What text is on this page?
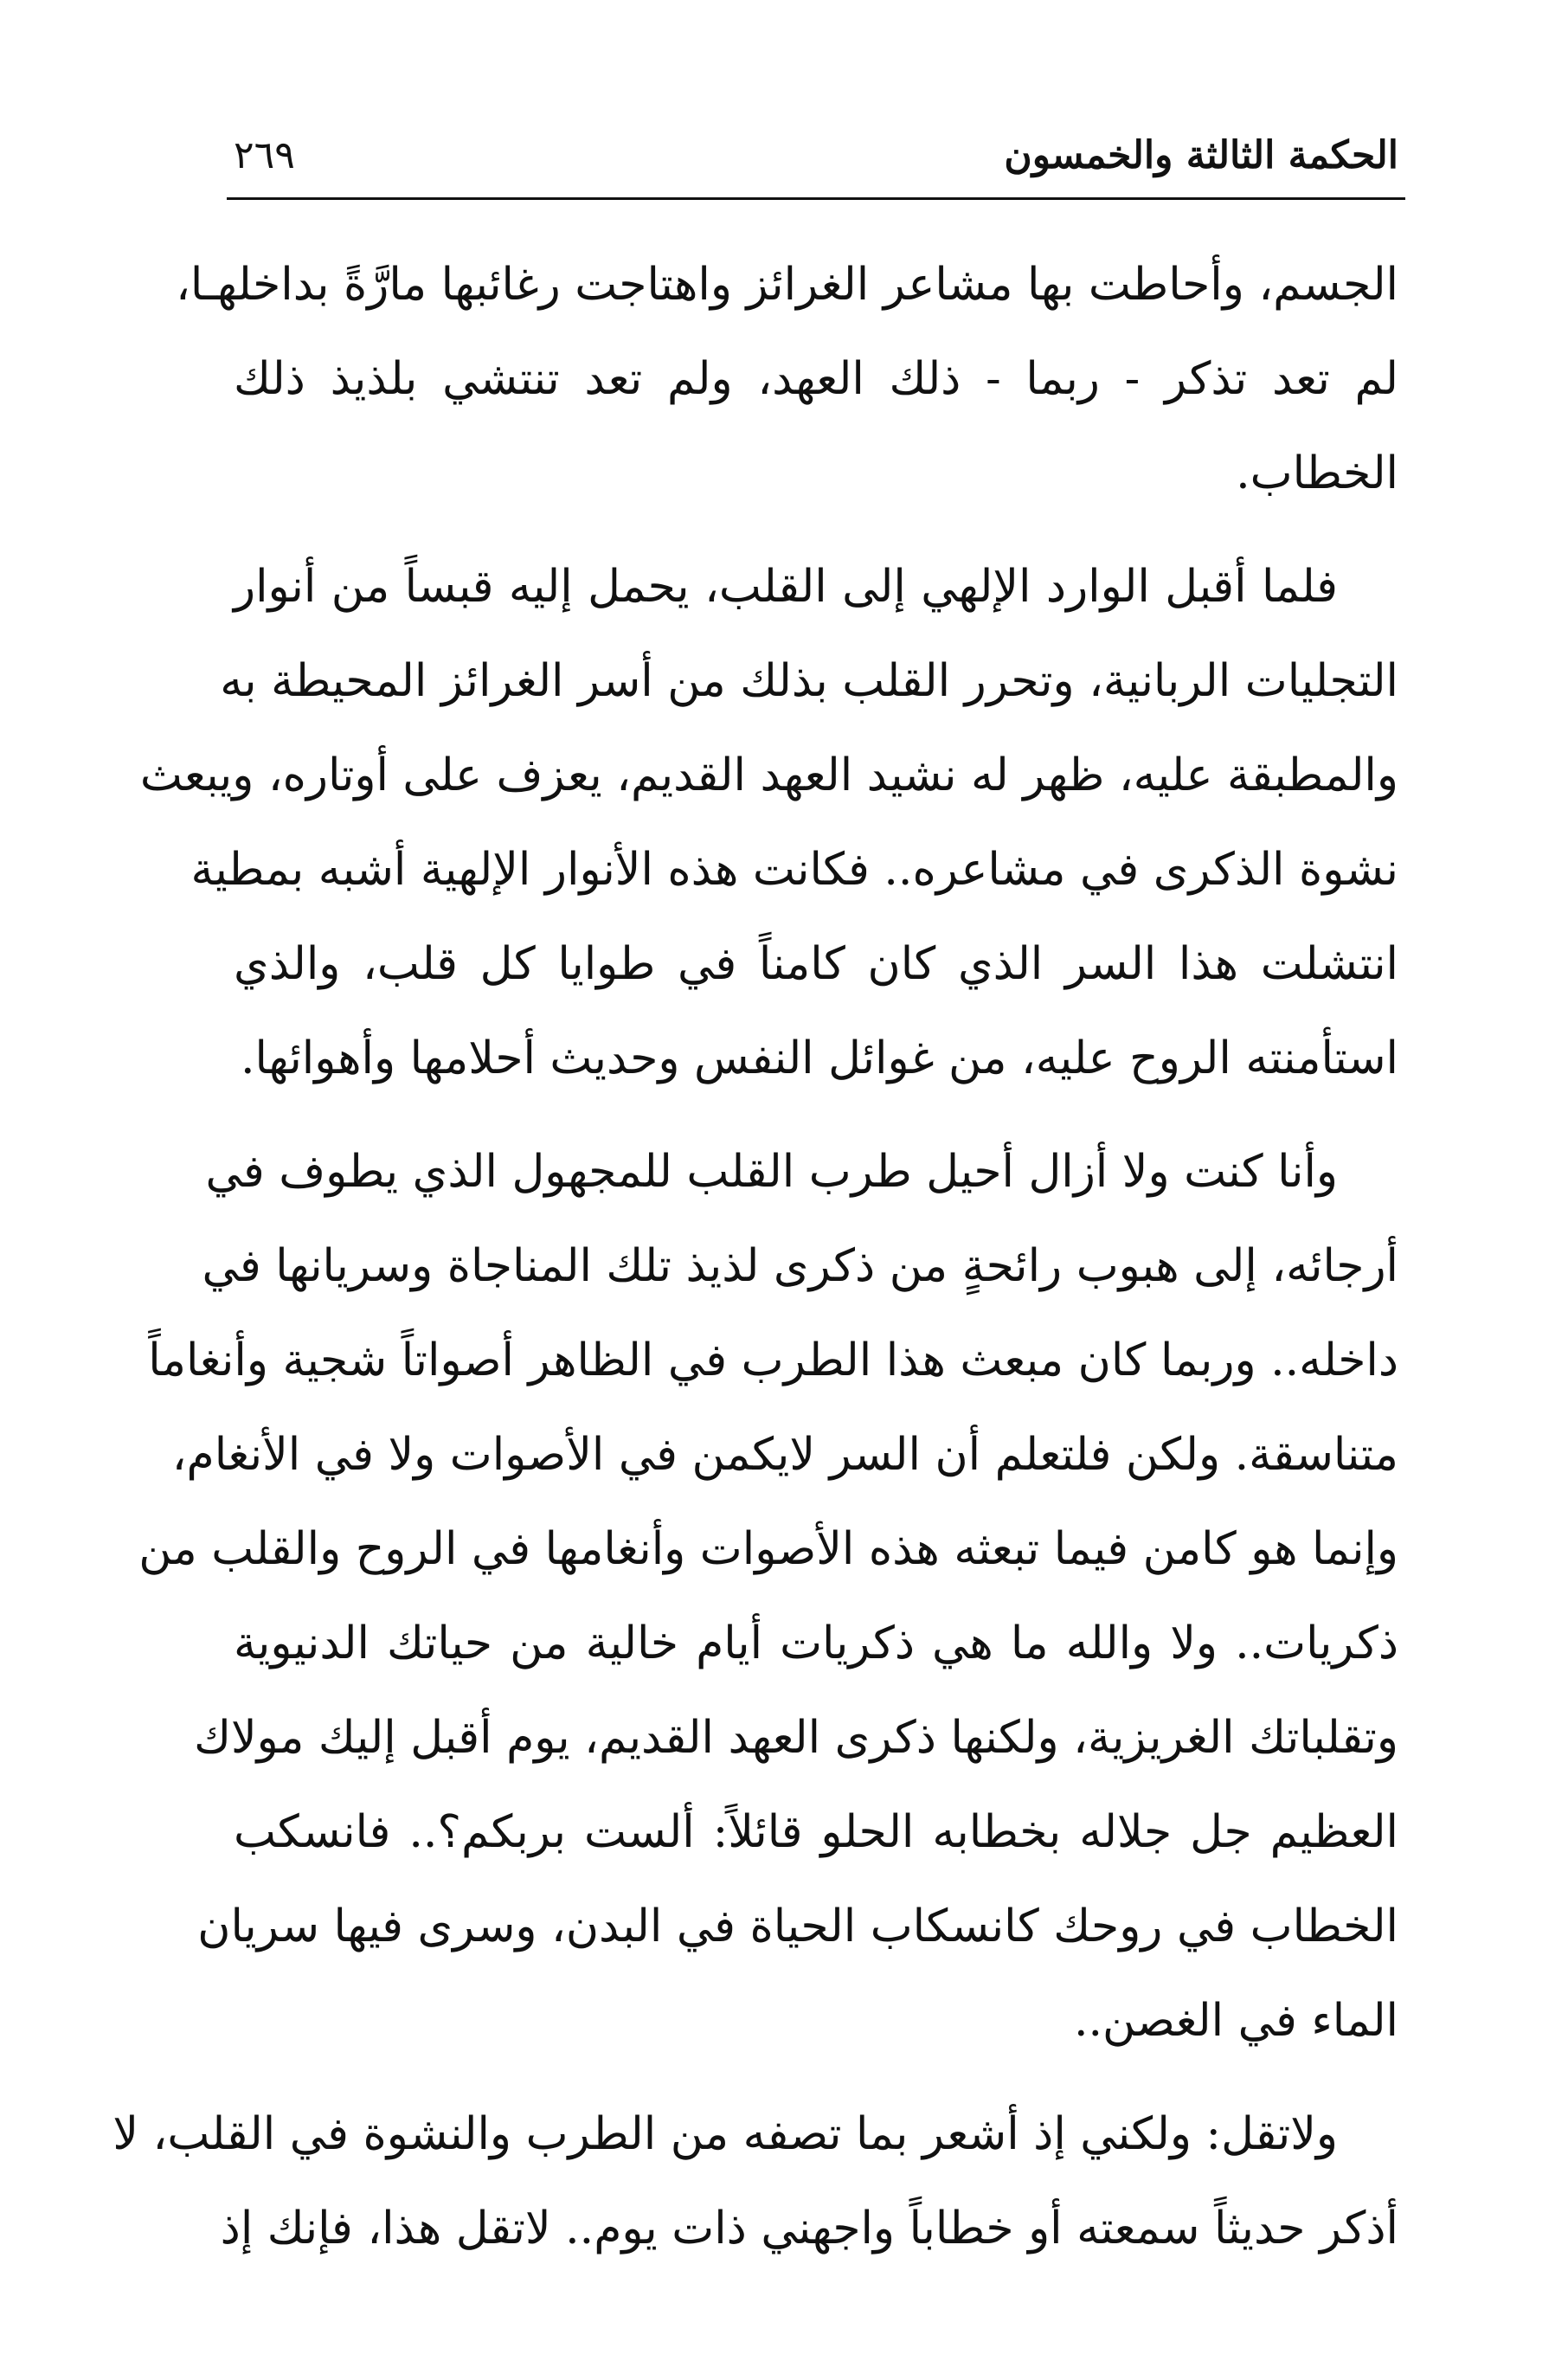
الحكمة الثالثة والخمسون
٢٦٩
الجسم، وأحاطت بها مشاعر الغرائز واهتاجت رغائبها مارَّةً بداخلهـا،
لم تعد تذكر - ربما - ذلك العهد، ولم تعد تنتشي بلذيذ ذلك
الخطاب.
فلما أقبل الوارد الإلهي إلى القلب، يحمل إليه قبساً من أنوار
التجليات الربانية، وتحرر القلب بذلك من أسر الغرائز المحيطة به
والمطبقة عليه، ظهر له نشيد العهد القديم، يعزف على أوتاره، ويبعث
نشوة الذكرى في مشاعره.. فكانت هذه الأنوار الإلهية أشبه بمطية
انتشلت هذا السر الذي كان كامناً في طوايا كل قلب، والذي
استأمنته الروح عليه، من غوائل النفس وحديث أحلامها وأهوائها.
وأنا كنت ولا أزال أحيل طرب القلب للمجهول الذي يطوف في
أرجائه، إلى هبوب رائحةٍ من ذكرى لذيذ تلك المناجاة وسريانها في
داخله.. وربما كان مبعث هذا الطرب في الظاهر أصواتاً شجية وأنغاماً
متناسقة. ولكن فلتعلم أن السر لايكمن في الأصوات ولا في الأنغام،
وإنما هو كامن فيما تبعثه هذه الأصوات وأنغامها في الروح والقلب من
ذكريات.. ولا والله ما هي ذكريات أيام خالية من حياتك الدنيوية
وتقلباتك الغريزية، ولكنها ذكرى العهد القديم، يوم أقبل إليك مولاك
العظيم جل جلاله بخطابه الحلو قائلاً: ألست بربكم؟.. فانسكب
الخطاب في روحك كانسكاب الحياة في البدن، وسرى فيها سريان
الماء في الغصن..
ولاتقل: ولكني إذ أشعر بما تصفه من الطرب والنشوة في القلب، لا
أذكر حديثاً سمعته أو خطاباً واجهني ذات يوم.. لاتقل هذا، فإنك إذ
